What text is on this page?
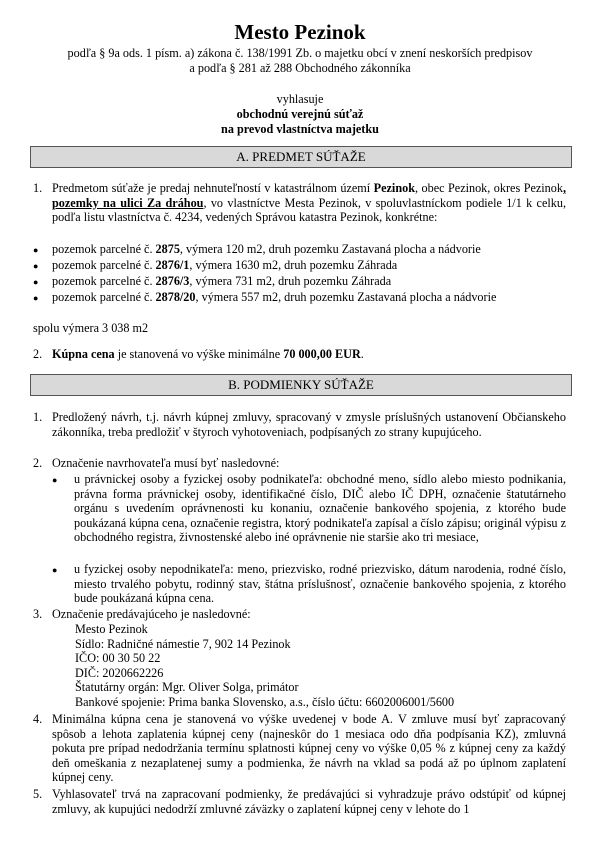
Mesto Pezinok
podľa § 9a ods. 1 písm. a) zákona č. 138/1991 Zb. o majetku obcí v znení neskorších predpisov
a podľa § 281 až 288 Obchodného zákonníka
vyhlasuje
obchodnú verejnú súťaž
na prevod vlastníctva majetku
A. PREDMET SÚŤAŽE
1. Predmetom súťaže je predaj nehnuteľností v katastrálnom území Pezinok, obec Pezinok, okres Pezinok, pozemky na ulici Za dráhou, vo vlastníctve Mesta Pezinok, v spoluvlastníckom podiele 1/1 k celku, podľa listu vlastníctva č. 4234, vedených Správou katastra Pezinok, konkrétne:
● pozemok parcelné č. 2875, výmera 120 m2, druh pozemku Zastavaná plocha a nádvorie
● pozemok parcelné č. 2876/1, výmera 1630 m2, druh pozemku Záhrada
● pozemok parcelné č. 2876/3, výmera 731 m2, druh pozemku Záhrada
● pozemok parcelné č. 2878/20, výmera 557 m2, druh pozemku Zastavaná plocha a nádvorie
spolu výmera 3 038 m2
2. Kúpna cena je stanovená vo výške minimálne 70 000,00 EUR.
B. PODMIENKY SÚŤAŽE
1. Predložený návrh, t.j. návrh kúpnej zmluvy, spracovaný v zmysle príslušných ustanovení Občianskeho zákonníka, treba predložiť v štyroch vyhotoveniach, podpísaných zo strany kupujúceho.
2. Označenie navrhovateľa musí byť nasledovné:
● u právnickej osoby a fyzickej osoby podnikateľa: obchodné meno, sídlo alebo miesto podnikania, právna forma právnickej osoby, identifikačné číslo, DIČ alebo IČ DPH, označenie štatutárneho orgánu s uvedením oprávnenosti ku konaniu, označenie bankového spojenia, z ktorého bude poukázaná kúpna cena, označenie registra, ktorý podnikateľa zapísal a číslo zápisu; originál výpisu z obchodného registra, živnostenské alebo iné oprávnenie nie staršie ako tri mesiace,
● u fyzickej osoby nepodnikateľa: meno, priezvisko, rodné priezvisko, dátum narodenia, rodné číslo, miesto trvalého pobytu, rodinný stav, štátna príslušnosť, označenie bankového spojenia, z ktorého bude poukázaná kúpna cena.
3. Označenie predávajúceho je nasledovné:
Mesto Pezinok
Sídlo: Radničné námestie 7, 902 14 Pezinok
IČO: 00 30 50 22
DIČ: 2020662226
Štatutárny orgán: Mgr. Oliver Solga, primátor
Bankové spojenie: Prima banka Slovensko, a.s., číslo účtu: 6602006001/5600
4. Minimálna kúpna cena je stanovená vo výške uvedenej v bode A. V zmluve musí byť zapracovaný spôsob a lehota zaplatenia kúpnej ceny (najneskôr do 1 mesiaca odo dňa podpísania KZ), zmluvná pokuta pre prípad nedodržania termínu splatnosti kúpnej ceny vo výške 0,05 % z kúpnej ceny za každý deň omeškania z nezaplatenej sumy a podmienka, že návrh na vklad sa podá až po úplnom zaplatení kúpnej ceny.
5. Vyhlasovateľ trvá na zapracovaní podmienky, že predávajúci si vyhradzuje právo odstúpiť od kúpnej zmluvy, ak kupujúci nedodrží zmluvné záväzky o zaplatení kúpnej ceny v lehote do 1
